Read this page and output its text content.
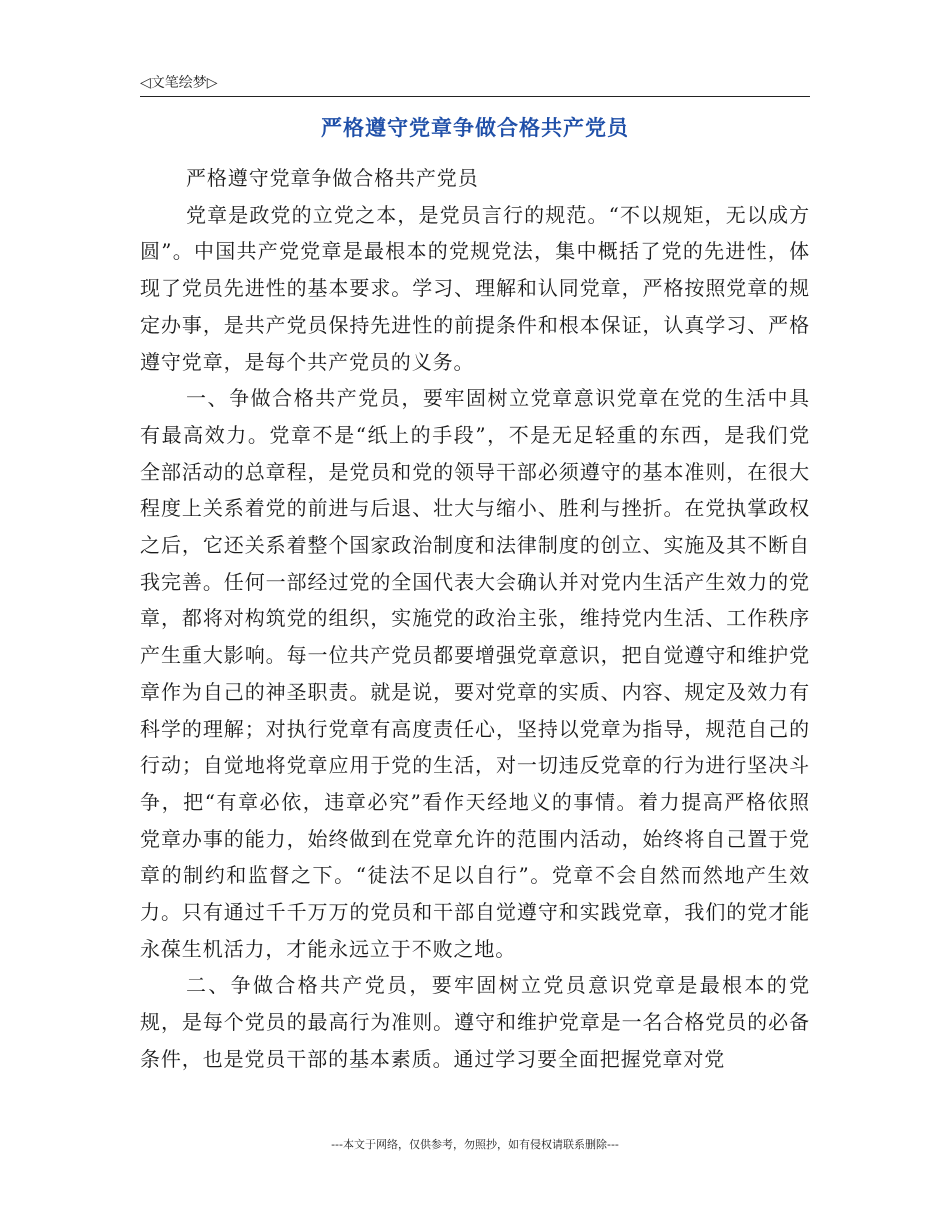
◁文笔绘梦▷
严格遵守党章争做合格共产党员

严格遵守党章争做合格共产党员

党章是政党的立党之本，是党员言行的规范。“不以规矩，无以成方圆”。中国共产党党章是最根本的党规党法，集中概括了党的先进性，体现了党员先进性的基本要求。学习、理解和认同党章，严格按照党章的规定办事，是共产党员保持先进性的前提条件和根本保证，认真学习、严格遵守党章，是每个共产党员的义务。

一、争做合格共产党员，要牢固树立党章意识党章在党的生活中具有最高效力。党章不是“纸上的手段”，不是无足轻重的东西，是我们党全部活动的总章程，是党员和党的领导干部必须遵守的基本准则，在很大程度上关系着党的前进与后退、壮大与缩小、胜利与挫折。在党执掌政权之后，它还关系着整个国家政治制度和法律制度的创立、实施及其不断自我完善。任何一部经过党的全国代表大会确认并对党内生活产生效力的党章，都将对构筑党的组织，实施党的政治主张，维持党内生活、工作秩序产生重大影响。每一位共产党员都要增强党章意识，把自觉遵守和维护党章作为自己的神圣职责。就是说，要对党章的实质、内容、规定及效力有科学的理解；对执行党章有高度责任心，坚持以党章为指导，规范自己的行动；自觉地将党章应用于党的生活，对一切违反党章的行为进行坚决斗争，把“有章必依，违章必究”看作天经地义的事情。着力提高严格依照党章办事的能力，始终做到在党章允许的范围内活动，始终将自己置于党章的制约和监督之下。“徒法不足以自行”。党章不会自然而然地产生效力。只有通过千千万万的党员和干部自觉遵守和实践党章，我们的党才能永葆生机活力，才能永远立于不败之地。

二、争做合格共产党员，要牢固树立党员意识党章是最根本的党规，是每个党员的最高行为准则。遵守和维护党章是一名合格党员的必备条件，也是党员干部的基本素质。通过学习要全面把握党章对党

---本文于网络，仅供参考，勿照抄，如有侵权请联系删除---
